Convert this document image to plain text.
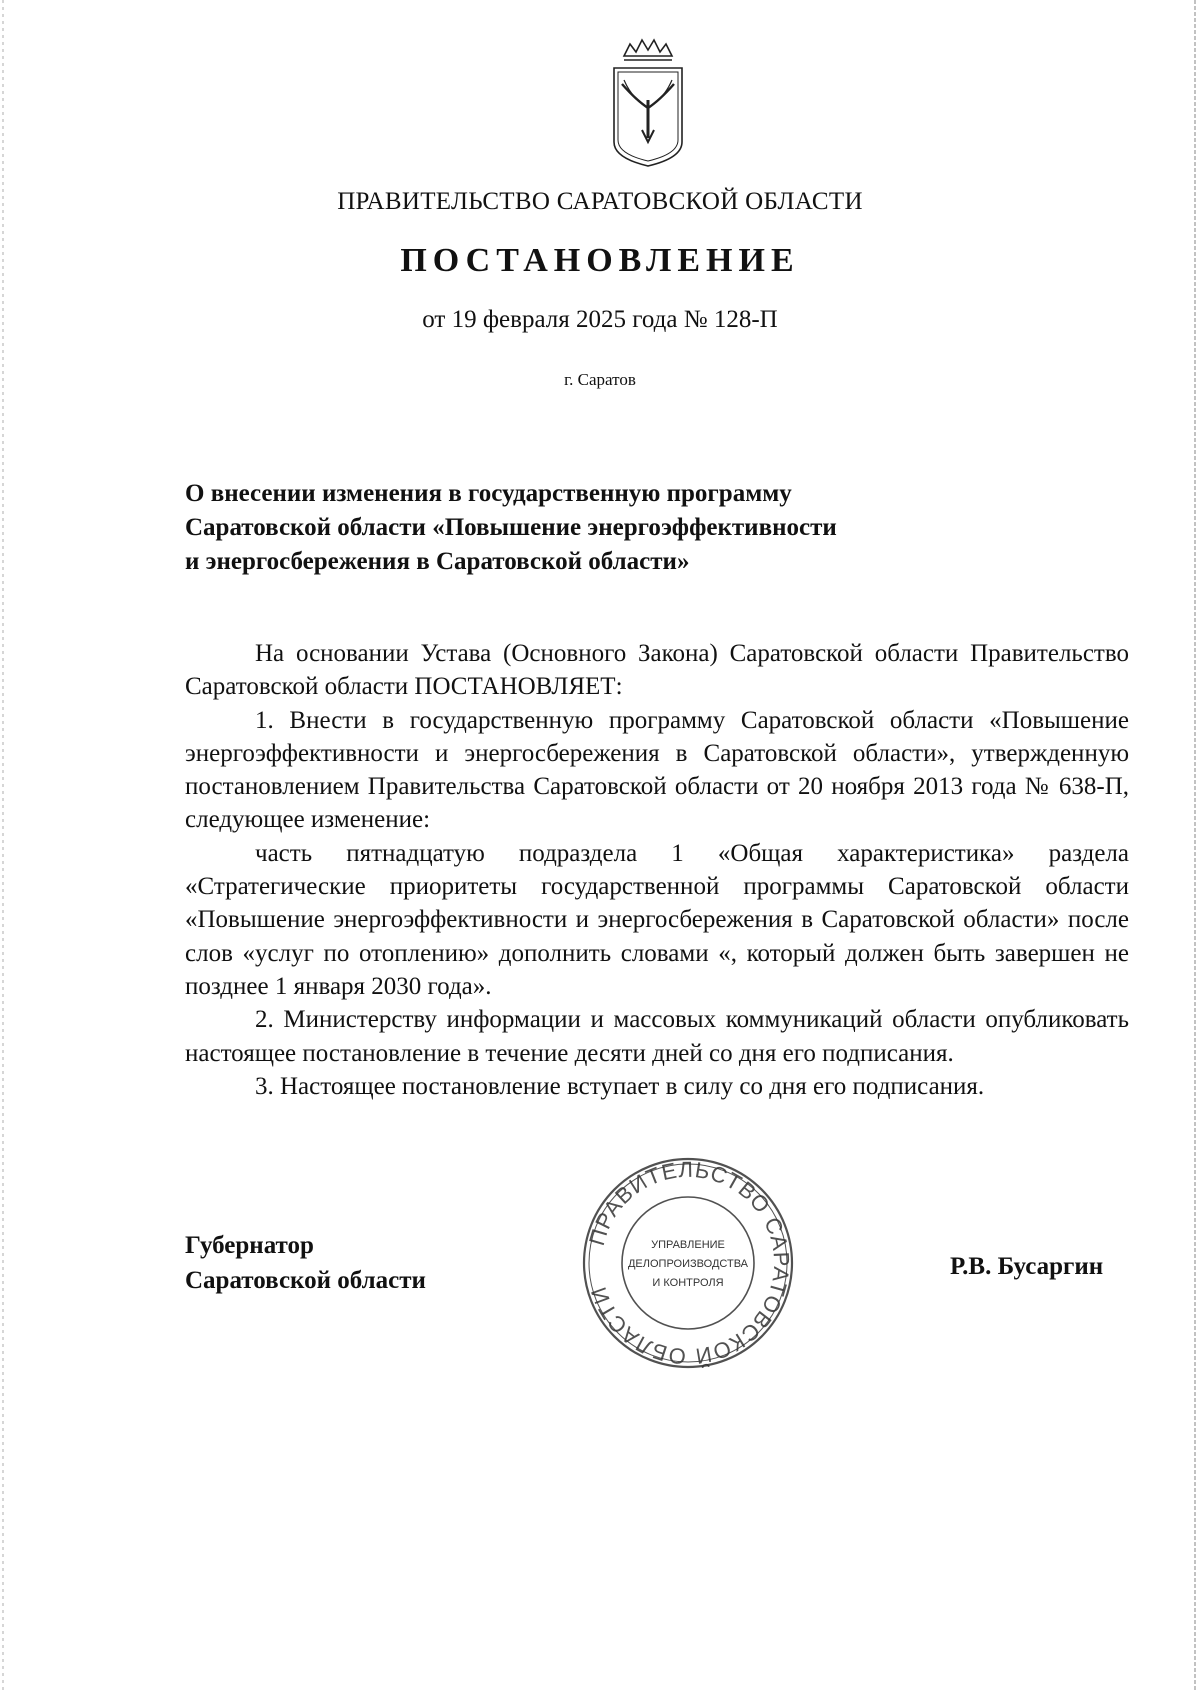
ПРАВИТЕЛЬСТВО САРАТОВСКОЙ ОБЛАСТИ
ПОСТАНОВЛЕНИЕ
от 19 февраля 2025 года № 128-П
г. Саратов
О внесении изменения в государственную программу
Саратовской области «Повышение энергоэффективности
и энергосбережения в Саратовской области»

На основании Устава (Основного Закона) Саратовской области Правительство Саратовской области ПОСТАНОВЛЯЕТ:

1. Внести в государственную программу Саратовской области «Повышение энергоэффективности и энергосбережения в Саратовской области», утвержденную постановлением Правительства Саратовской области от 20 ноября 2013 года № 638-П, следующее изменение:

часть пятнадцатую подраздела 1 «Общая характеристика» раздела «Стратегические приоритеты государственной программы Саратовской области «Повышение энергоэффективности и энергосбережения в Саратовской области» после слов «услуг по отоплению» дополнить словами «, который должен быть завершен не позднее 1 января 2030 года».

2. Министерству информации и массовых коммуникаций области опубликовать настоящее постановление в течение десяти дней со дня его подписания.

3. Настоящее постановление вступает в силу со дня его подписания.

Губернатор
Саратовской области
ПРАВИТЕЛЬСТВО САРАТОВСКОЙ ОБЛАСТИ
УПРАВЛЕНИЕ
ДЕЛОПРОИЗВОДСТВА
И КОНТРОЛЯ
Р.В. Бусаргин
